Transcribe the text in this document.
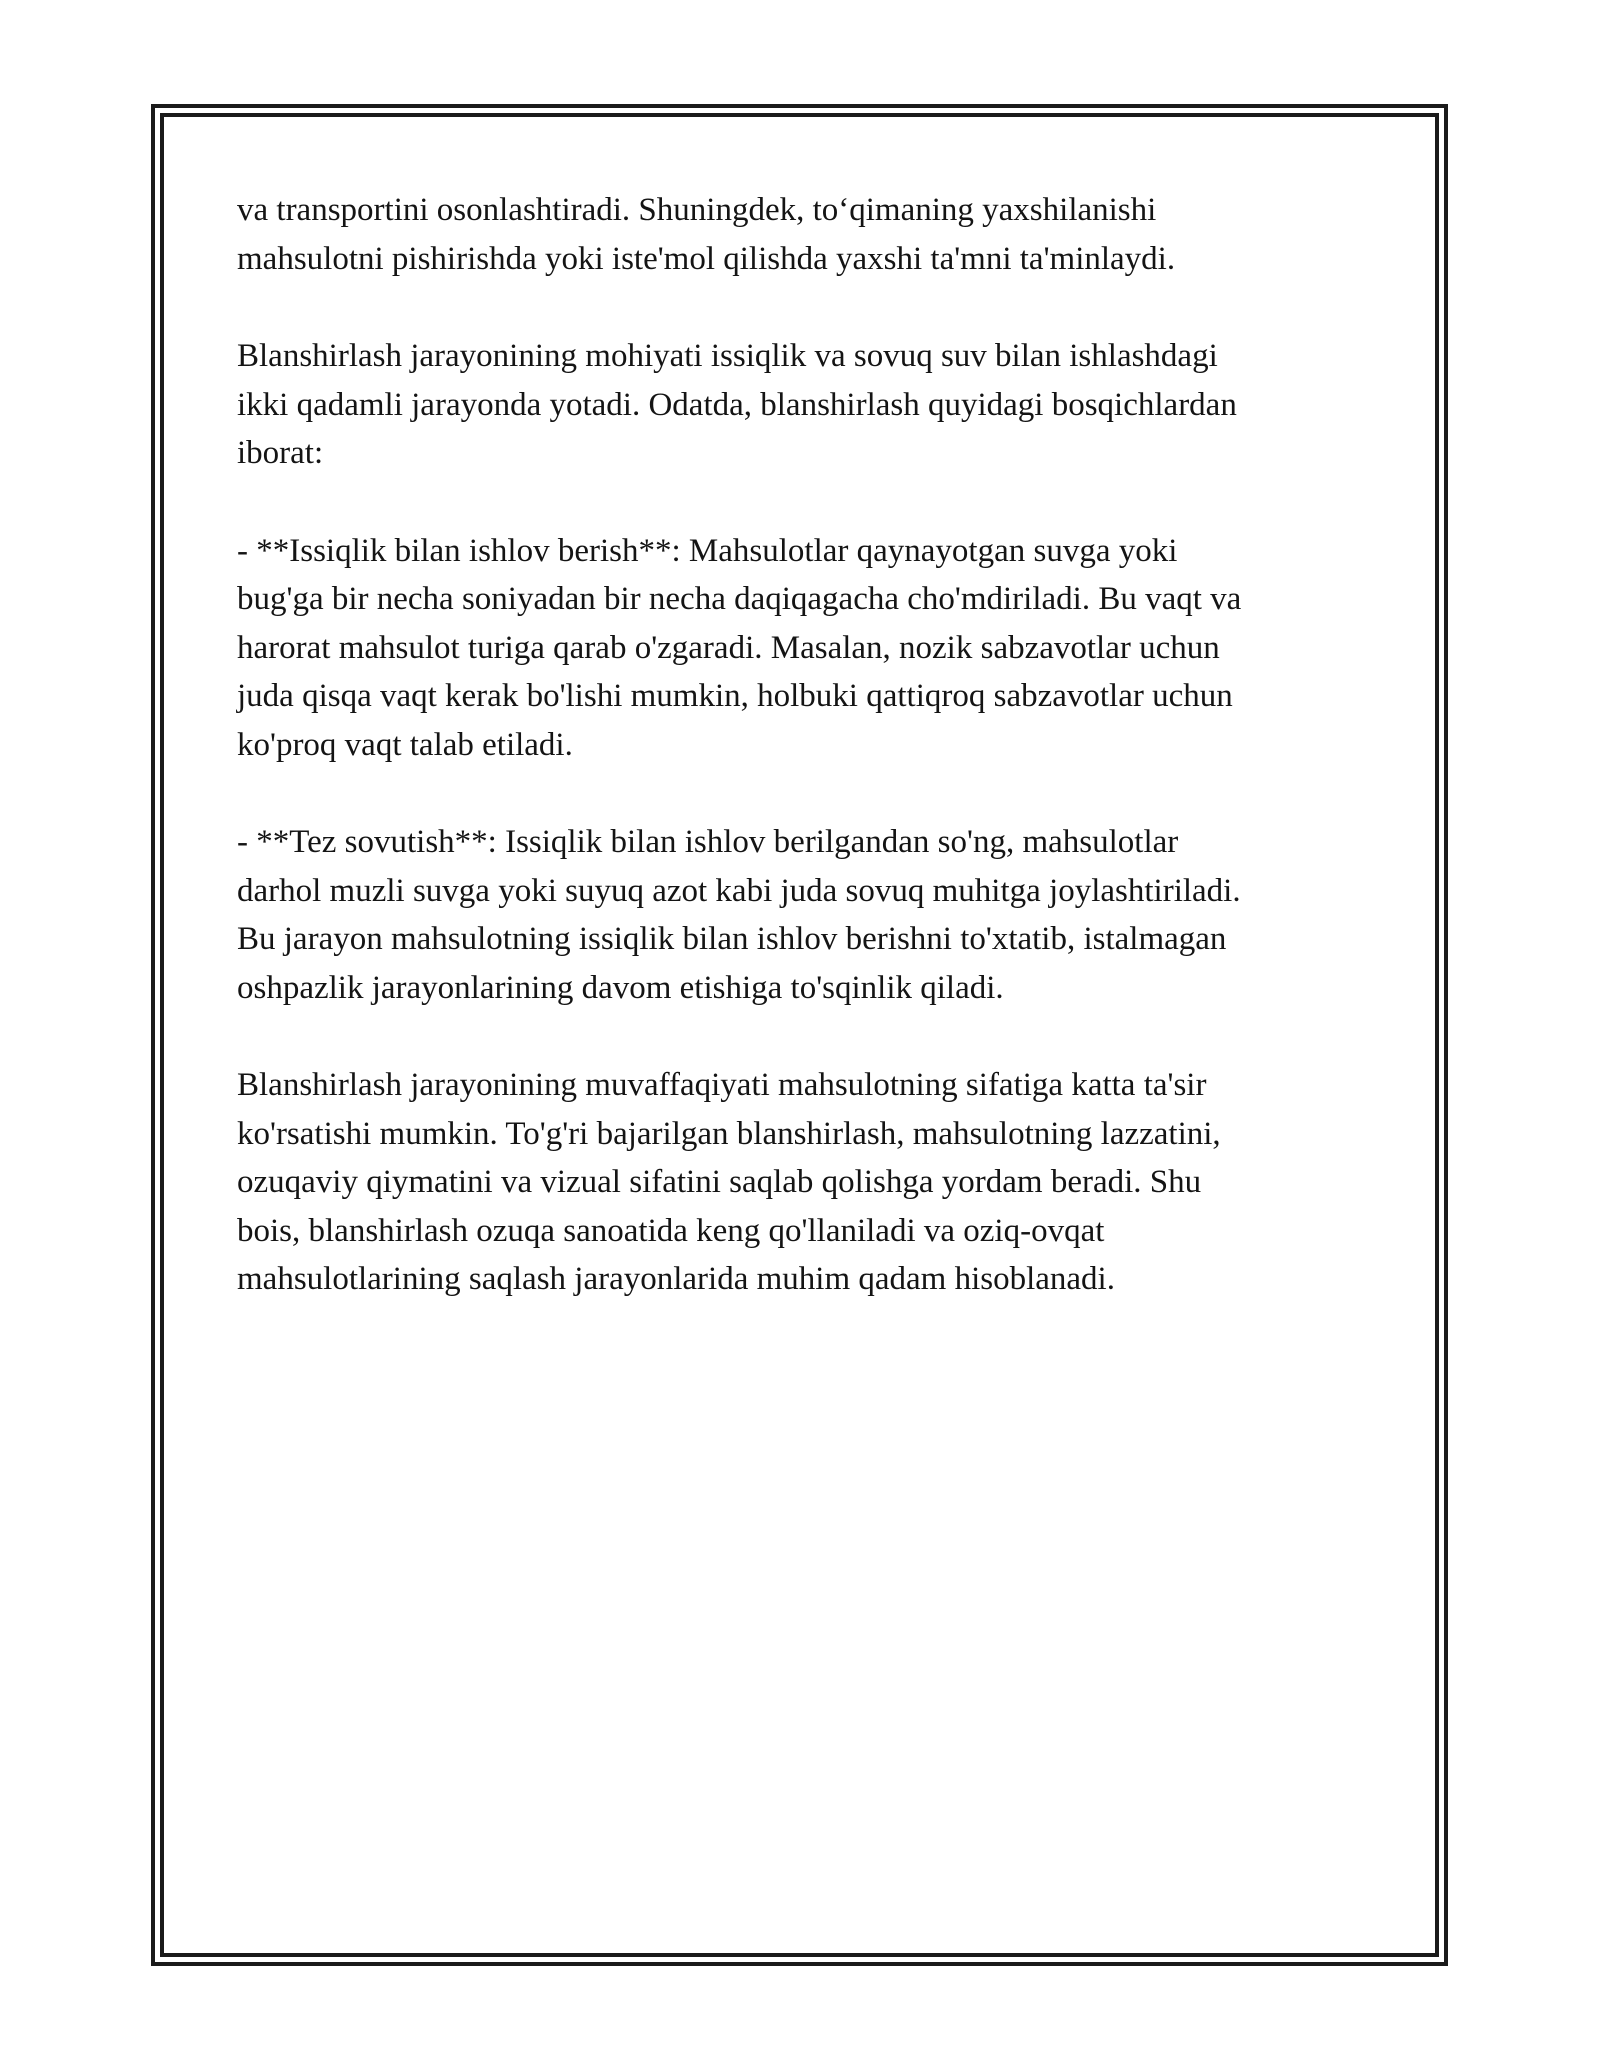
va transportini osonlashtiradi. Shuningdek, to‘qimaning yaxshilanishi
mahsulotni pishirishda yoki iste'mol qilishda yaxshi ta'mni ta'minlaydi.

Blanshirlash jarayonining mohiyati issiqlik va sovuq suv bilan ishlashdagi
ikki qadamli jarayonda yotadi. Odatda, blanshirlash quyidagi bosqichlardan
iborat:

- **Issiqlik bilan ishlov berish**: Mahsulotlar qaynayotgan suvga yoki
bug'ga bir necha soniyadan bir necha daqiqagacha cho'mdiriladi. Bu vaqt va
harorat mahsulot turiga qarab o'zgaradi. Masalan, nozik sabzavotlar uchun
juda qisqa vaqt kerak bo'lishi mumkin, holbuki qattiqroq sabzavotlar uchun
ko'proq vaqt talab etiladi.

- **Tez sovutish**: Issiqlik bilan ishlov berilgandan so'ng, mahsulotlar
darhol muzli suvga yoki suyuq azot kabi juda sovuq muhitga joylashtiriladi.
Bu jarayon mahsulotning issiqlik bilan ishlov berishni to'xtatib, istalmagan
oshpazlik jarayonlarining davom etishiga to'sqinlik qiladi.

Blanshirlash jarayonining muvaffaqiyati mahsulotning sifatiga katta ta'sir
ko'rsatishi mumkin. To'g'ri bajarilgan blanshirlash, mahsulotning lazzatini,
ozuqaviy qiymatini va vizual sifatini saqlab qolishga yordam beradi. Shu
bois, blanshirlash ozuqa sanoatida keng qo'llaniladi va oziq-ovqat
mahsulotlarining saqlash jarayonlarida muhim qadam hisoblanadi.
